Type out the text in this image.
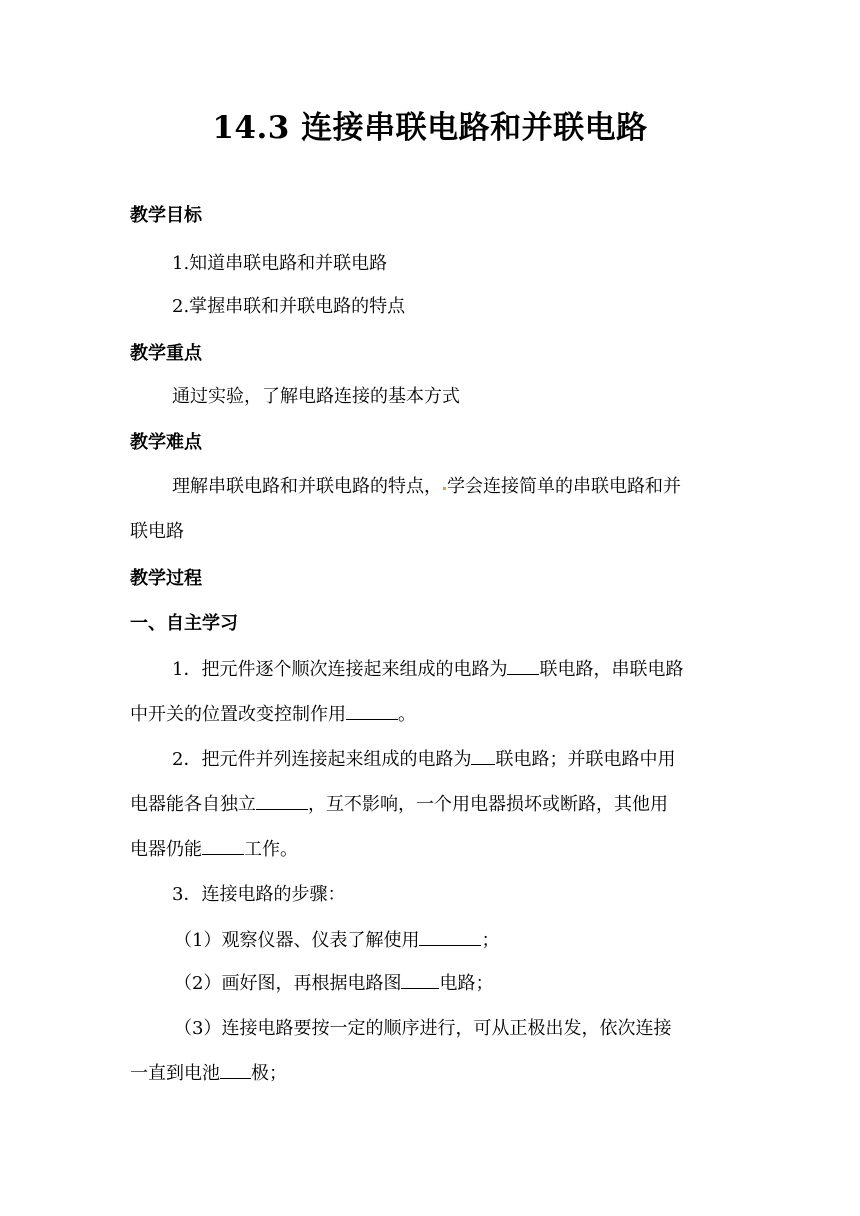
14.3 连接串联电路和并联电路
教学目标
1.知道串联电路和并联电路
2.掌握串联和并联电路的特点
教学重点
通过实验，了解电路连接的基本方式
教学难点
理解串联电路和并联电路的特点， 学会连接简单的串联电路和并
联电路
教学过程
一、自主学习
1．把元件逐个顺次连接起来组成的电路为 联电路，串联电路
中开关的位置改变控制作用	。
2．把元件并列连接起来组成的电路为 联电路；并联电路中用
电器能各自独立	，互不影响，一个用电器损坏或断路，其他用
电器仍能 工作。
3．连接电路的步骤：
（1）观察仪器、仪表了解使用	；
（2）画好图，再根据电路图 电路；
（3）连接电路要按一定的顺序进行，可从正极出发，依次连接
一直到电池 极；
